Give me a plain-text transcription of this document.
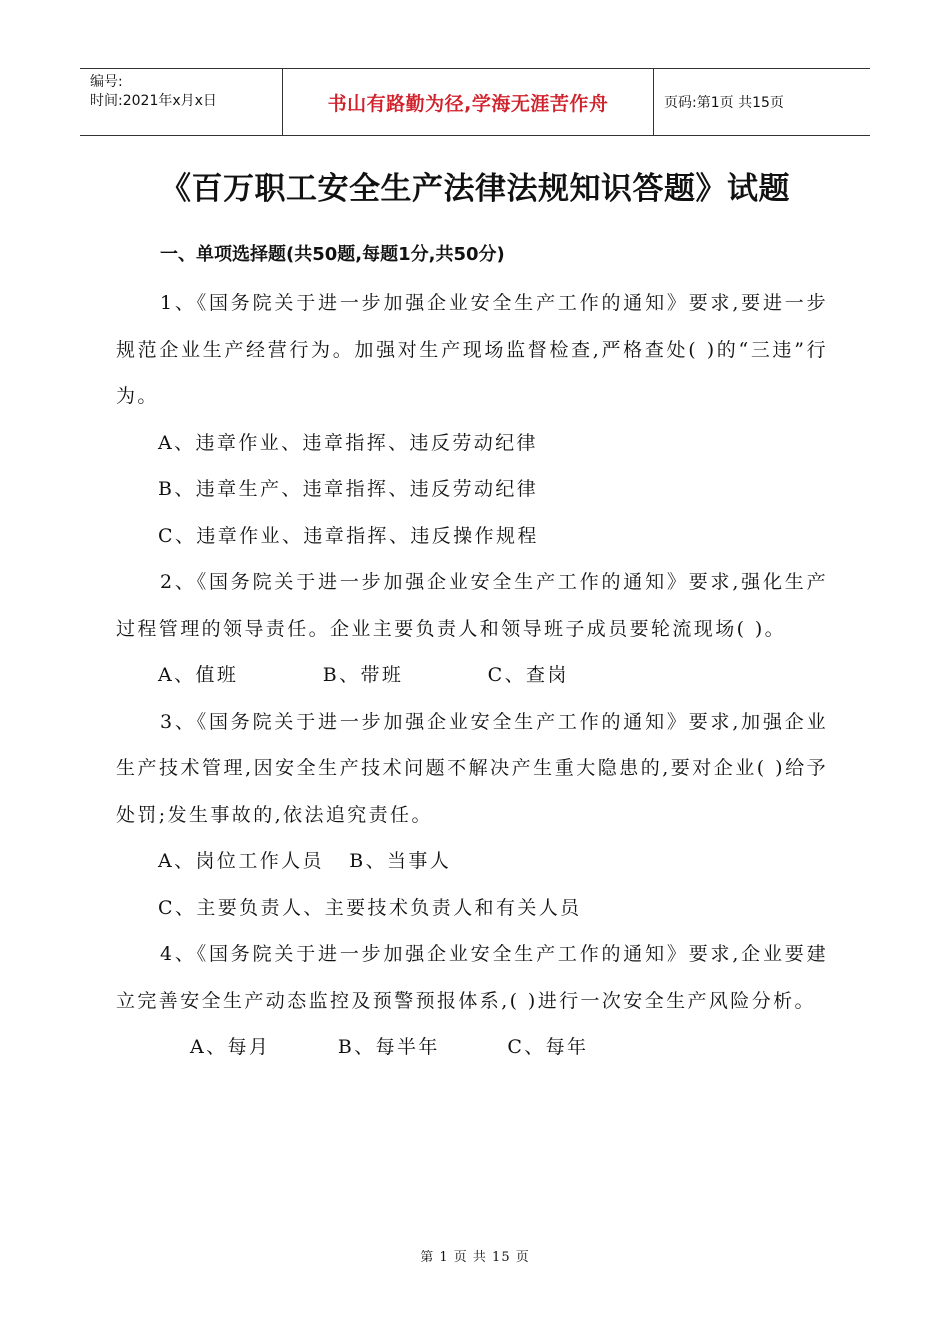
编号:
时间:2021年x月x日	书山有路勤为径,学海无涯苦作舟	页码:第1页 共15页
《百万职工安全生产法律法规知识答题》试题
一、单项选择题(共50题,每题1分,共50分)

1、《国务院关于进一步加强企业安全生产工作的通知》要求,要进一步规范企业生产经营行为。加强对生产现场监督检查,严格查处( )的“三违”行为。

A、违章作业、违章指挥、违反劳动纪律

B、违章生产、违章指挥、违反劳动纪律

C、违章作业、违章指挥、违反操作规程

2、《国务院关于进一步加强企业安全生产工作的通知》要求,强化生产过程管理的领导责任。企业主要负责人和领导班子成员要轮流现场( )。

A、值班          B、带班          C、查岗

3、《国务院关于进一步加强企业安全生产工作的通知》要求,加强企业生产技术管理,因安全生产技术问题不解决产生重大隐患的,要对企业( )给予处罚;发生事故的,依法追究责任。

A、岗位工作人员   B、当事人

C、主要负责人、主要技术负责人和有关人员

4、《国务院关于进一步加强企业安全生产工作的通知》要求,企业要建立完善安全生产动态监控及预警预报体系,( )进行一次安全生产风险分析。

A、每月        B、每半年        C、每年

第 1 页 共 15 页
